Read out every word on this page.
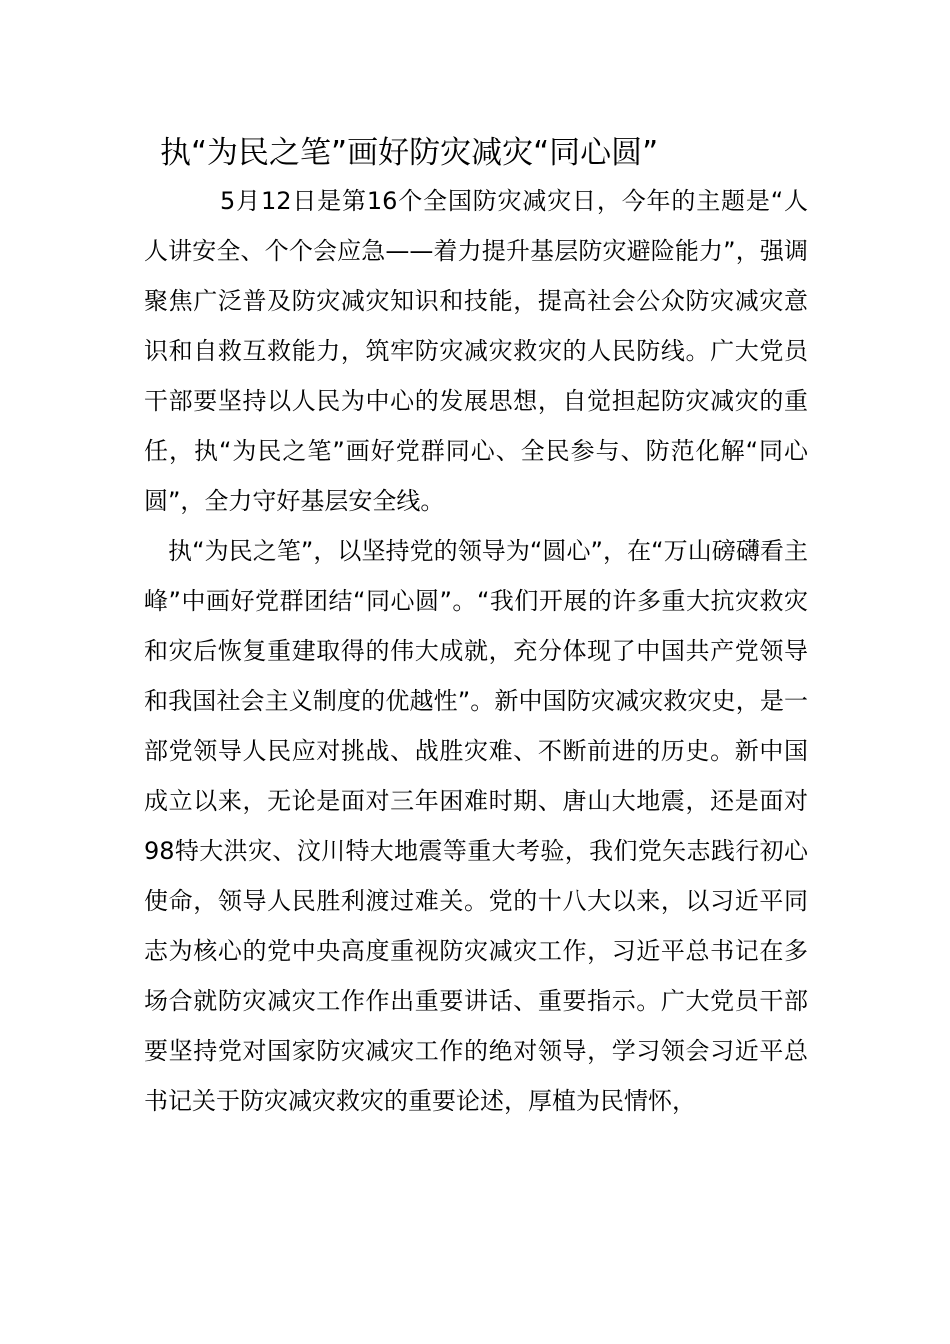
执“为民之笔”画好防灾减灾“同心圆”

5月12日是第16个全国防灾减灾日，今年的主题是“人人讲安全、个个会应急——着力提升基层防灾避险能力”，强调聚焦广泛普及防灾减灾知识和技能，提高社会公众防灾减灾意识和自救互救能力，筑牢防灾减灾救灾的人民防线。广大党员干部要坚持以人民为中心的发展思想，自觉担起防灾减灾的重任，执“为民之笔”画好党群同心、全民参与、防范化解“同心圆”，全力守好基层安全线。

执“为民之笔”，以坚持党的领导为“圆心”，在“万山磅礴看主峰”中画好党群团结“同心圆”。“我们开展的许多重大抗灾救灾和灾后恢复重建取得的伟大成就，充分体现了中国共产党领导和我国社会主义制度的优越性”。新中国防灾减灾救灾史，是一部党领导人民应对挑战、战胜灾难、不断前进的历史。新中国成立以来，无论是面对三年困难时期、唐山大地震，还是面对98特大洪灾、汶川特大地震等重大考验，我们党矢志践行初心使命，领导人民胜利渡过难关。党的十八大以来，以习近平同志为核心的党中央高度重视防灾减灾工作，习近平总书记在多场合就防灾减灾工作作出重要讲话、重要指示。广大党员干部要坚持党对国家防灾减灾工作的绝对领导，学习领会习近平总书记关于防灾减灾救灾的重要论述，厚植为民情怀，
